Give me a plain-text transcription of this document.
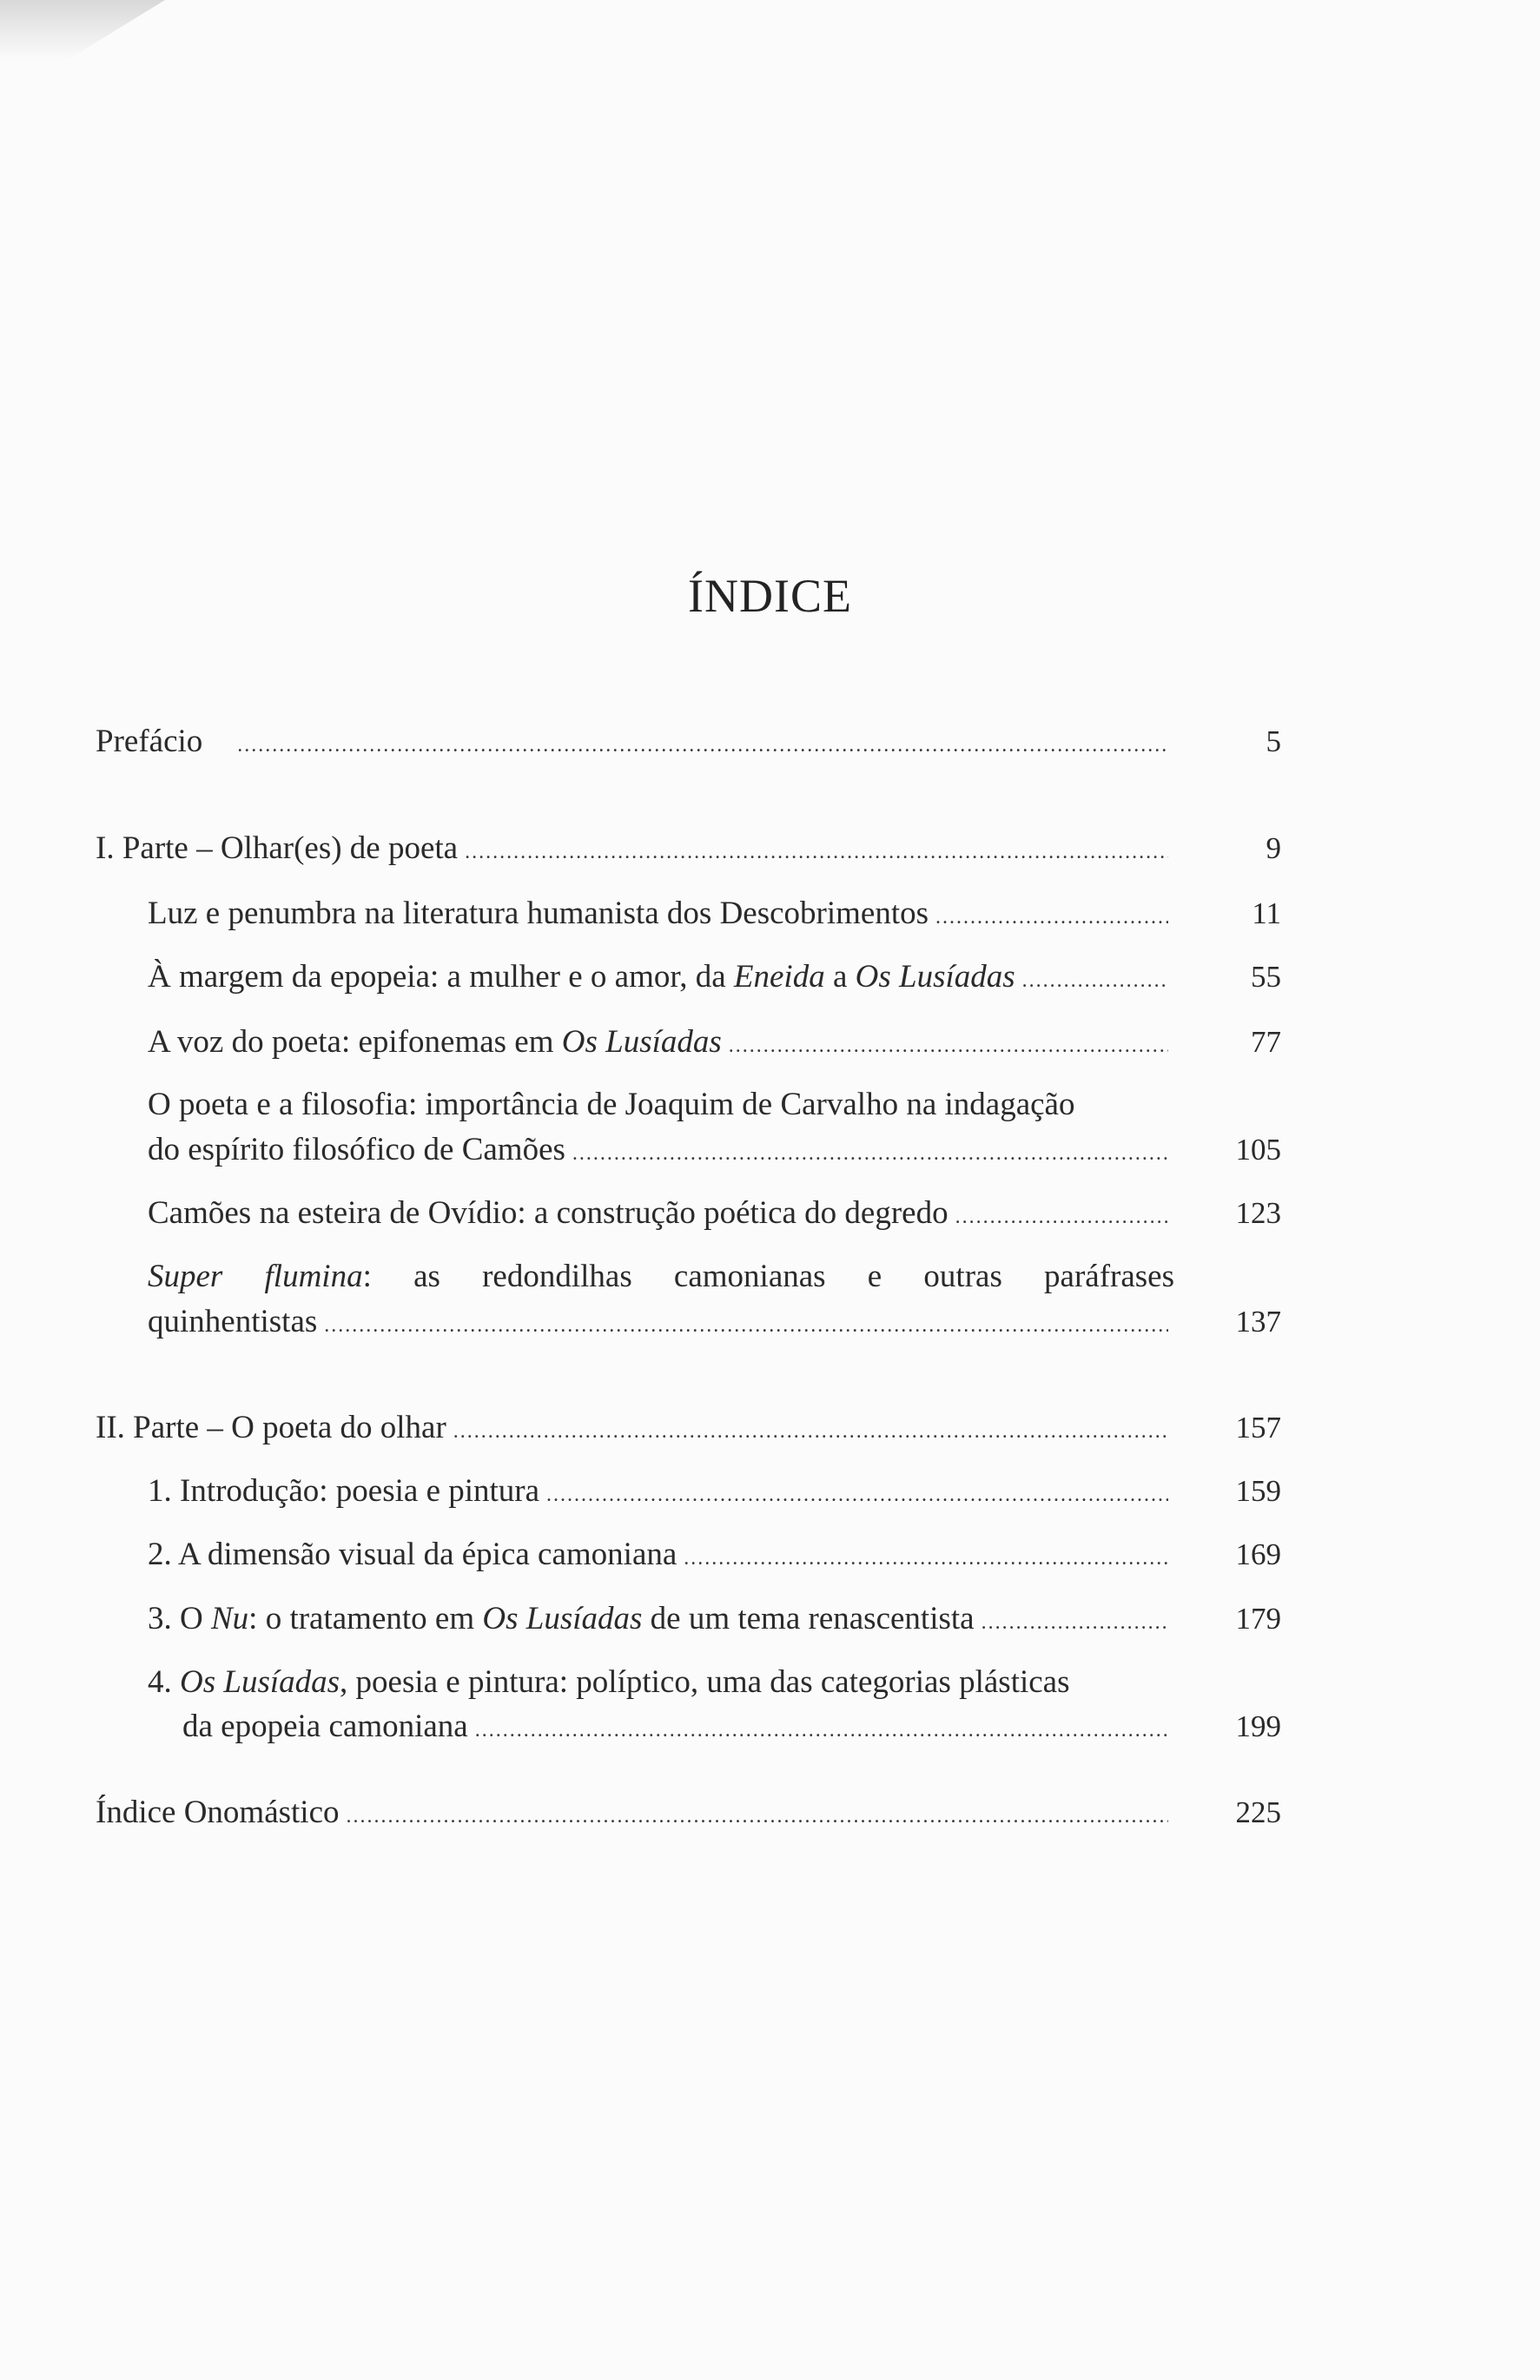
ÍNDICE
Prefácio .....	5
I. Parte – Olhar(es) de poeta .....	9
Luz e penumbra na literatura humanista dos Descobrimentos .....	11
À margem da epopeia: a mulher e o amor, da Eneida a Os Lusíadas .....	55
A voz do poeta: epifonemas em Os Lusíadas .....	77
O poeta e a filosofia: importância de Joaquim de Carvalho na indagação
do espírito filosófico de Camões .....	105
Camões na esteira de Ovídio: a construção poética do degredo .....	123
Super flumina: as redondilhas camonianas e outras paráfrases
quinhentistas .....	137
II. Parte – O poeta do olhar .....	157
1. Introdução: poesia e pintura .....	159
2. A dimensão visual da épica camoniana .....	169
3. O Nu: o tratamento em Os Lusíadas de um tema renascentista .....	179
4. Os Lusíadas, poesia e pintura: políptico, uma das categorias plásticas
da epopeia camoniana .....	199
Índice Onomástico .....	225
